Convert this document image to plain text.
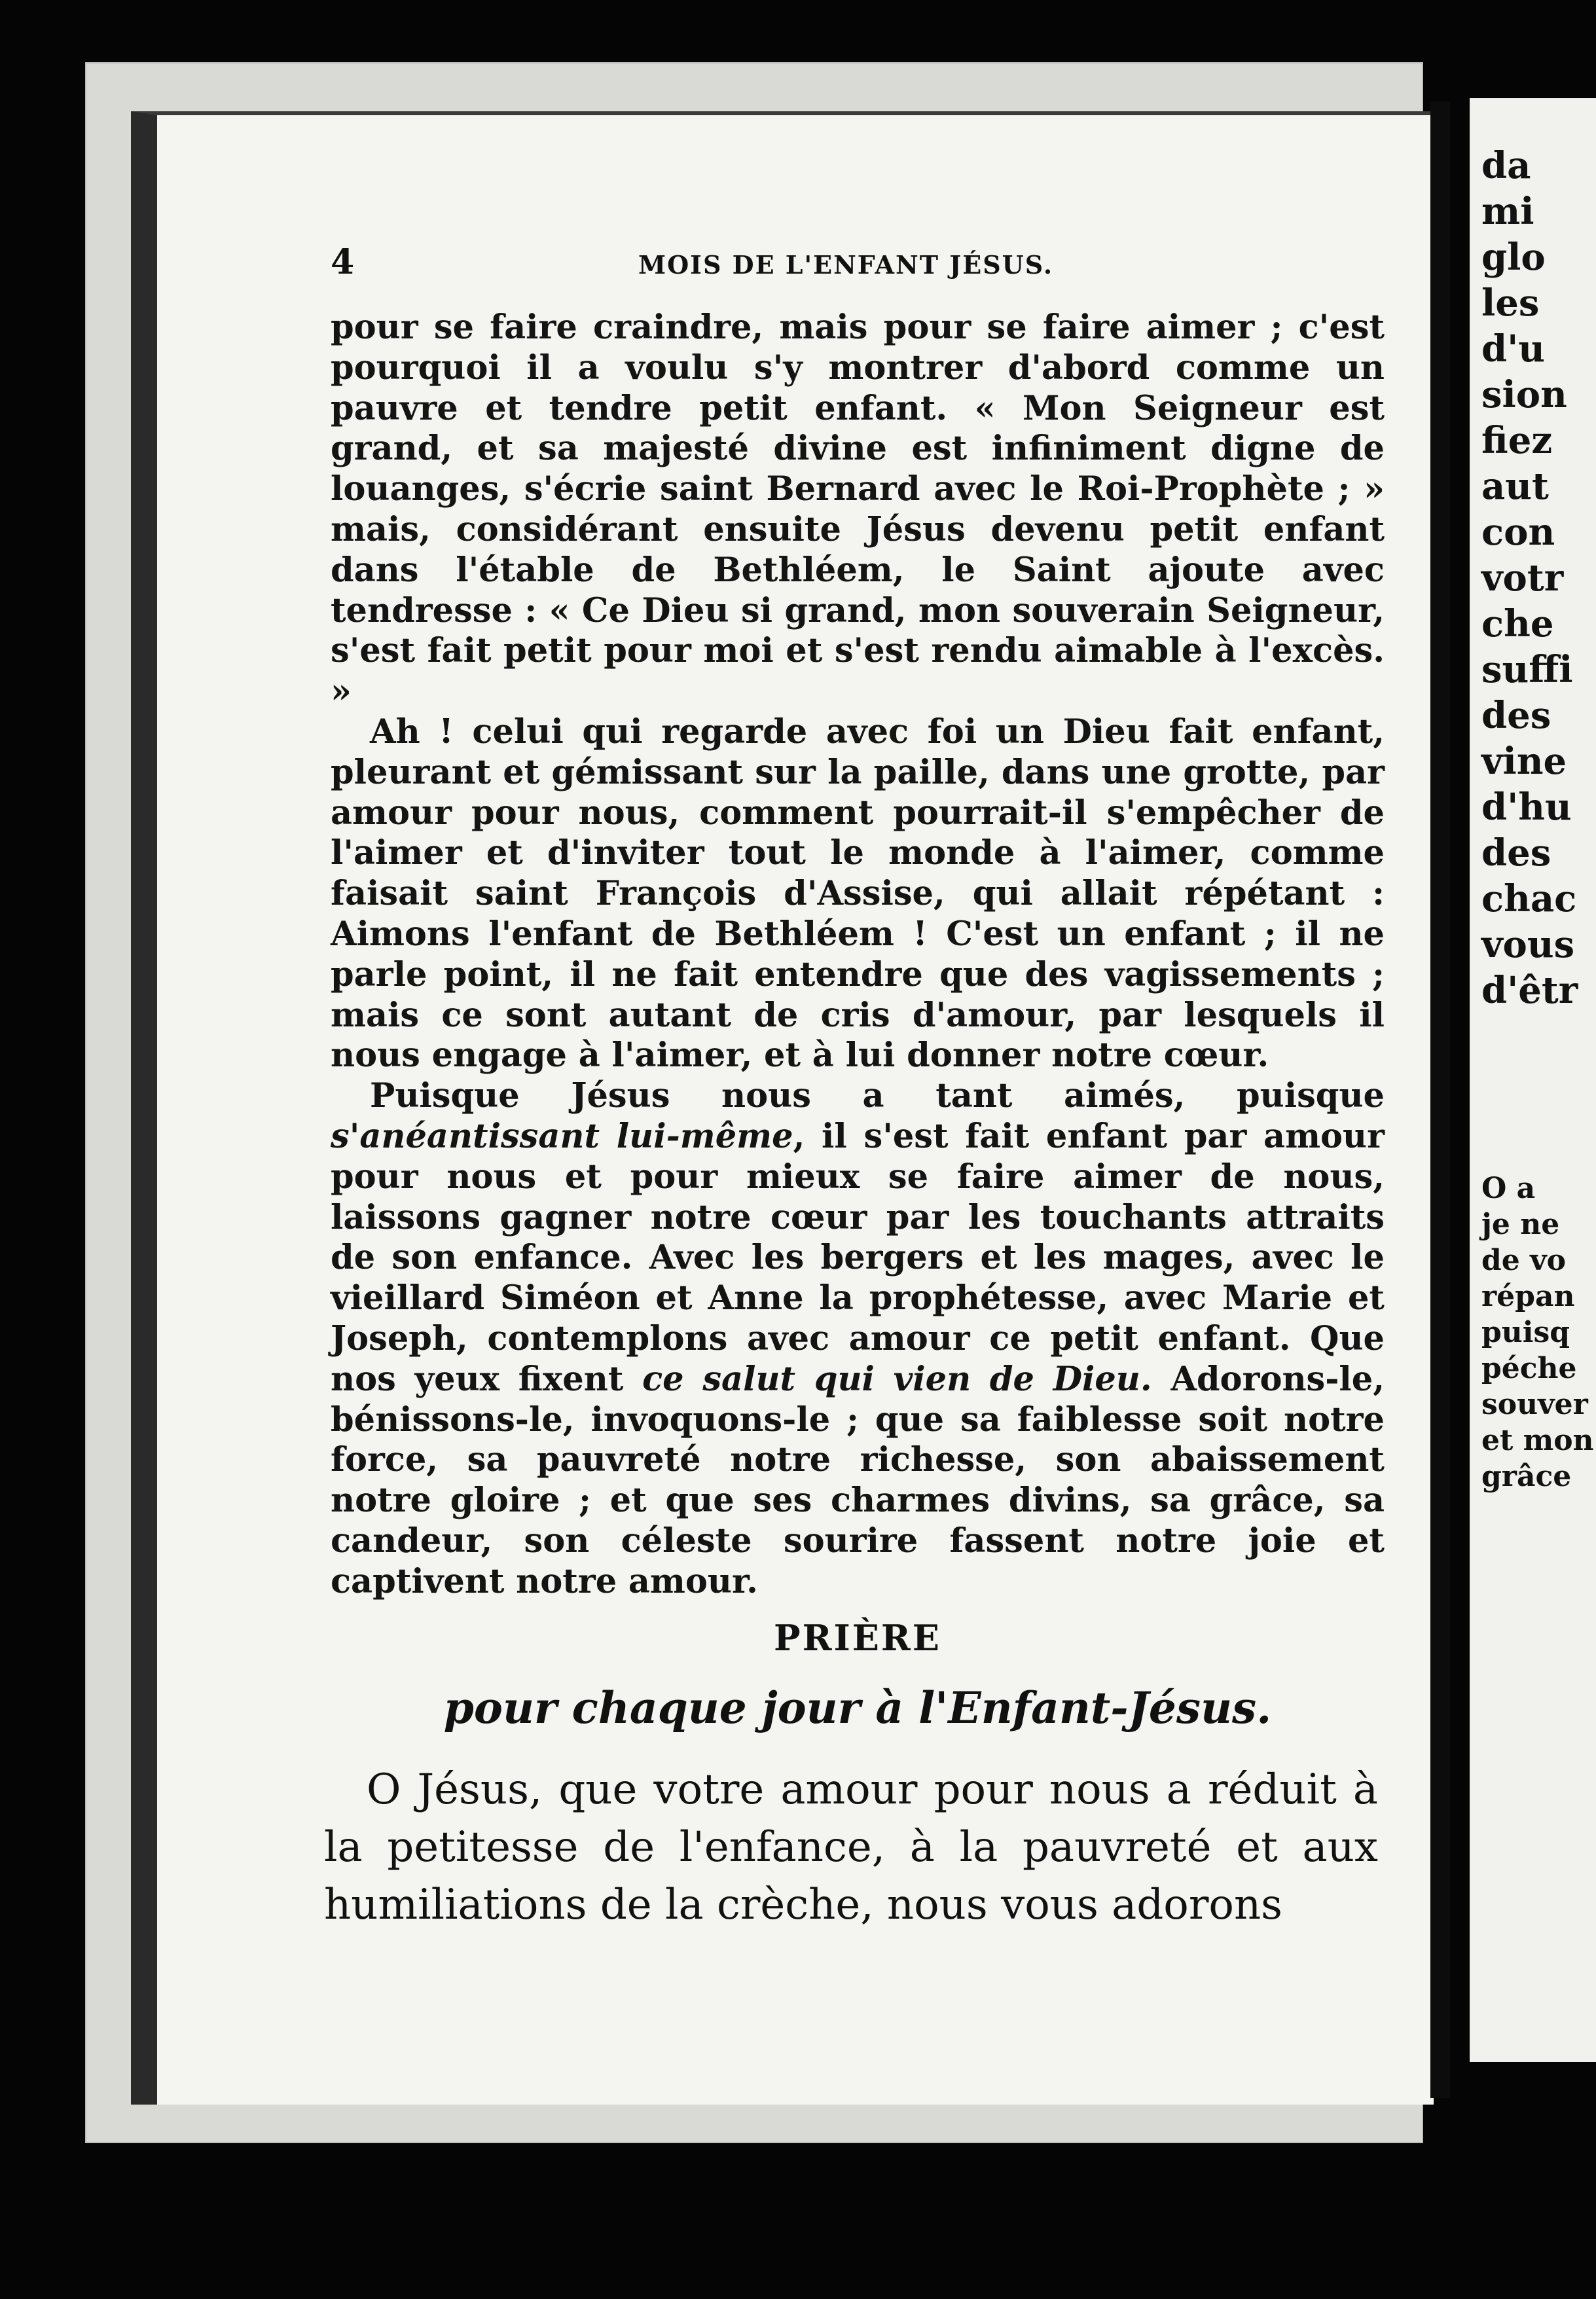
da
mi
glo
les
d'u
sion
fiez
aut
con
votr
che
suffi
des
vine
d'hu
des
chac
vous
d'êtr
O a
je ne
de vo
répan
puisq
péche
souver
et mon
grâce
4	MOIS DE L'ENFANT JÉSUS.

pour se faire craindre, mais pour se faire aimer ; c'est pourquoi il a voulu s'y montrer d'abord comme un pauvre et tendre petit enfant. « Mon Seigneur est grand, et sa majesté divine est infiniment digne de louanges, s'écrie saint Bernard avec le Roi-Prophète ; » mais, considérant ensuite Jésus devenu petit enfant dans l'étable de Bethléem, le Saint ajoute avec tendresse : « Ce Dieu si grand, mon souverain Seigneur, s'est fait petit pour moi et s'est rendu aimable à l'excès. »

Ah ! celui qui regarde avec foi un Dieu fait enfant, pleurant et gémissant sur la paille, dans une grotte, par amour pour nous, comment pourrait-il s'empêcher de l'aimer et d'inviter tout le monde à l'aimer, comme faisait saint François d'Assise, qui allait répétant : Aimons l'enfant de Bethléem ! C'est un enfant ; il ne parle point, il ne fait entendre que des vagissements ; mais ce sont autant de cris d'amour, par lesquels il nous engage à l'aimer, et à lui donner notre cœur.

Puisque Jésus nous a tant aimés, puisque s'anéantissant lui-même, il s'est fait enfant par amour pour nous et pour mieux se faire aimer de nous, laissons gagner notre cœur par les touchants attraits de son enfance. Avec les bergers et les mages, avec le vieillard Siméon et Anne la prophétesse, avec Marie et Joseph, contemplons avec amour ce petit enfant. Que nos yeux fixent ce salut qui vien de Dieu. Adorons-le, bénissons-le, invoquons-le ; que sa faiblesse soit notre force, sa pauvreté notre richesse, son abaissement notre gloire ; et que ses charmes divins, sa grâce, sa candeur, son céleste sourire fassent notre joie et captivent notre amour.

PRIÈRE
pour chaque jour à l'Enfant-Jésus.

O Jésus, que votre amour pour nous a réduit à la petitesse de l'enfance, à la pauvreté et aux humiliations de la crèche, nous vous adorons
